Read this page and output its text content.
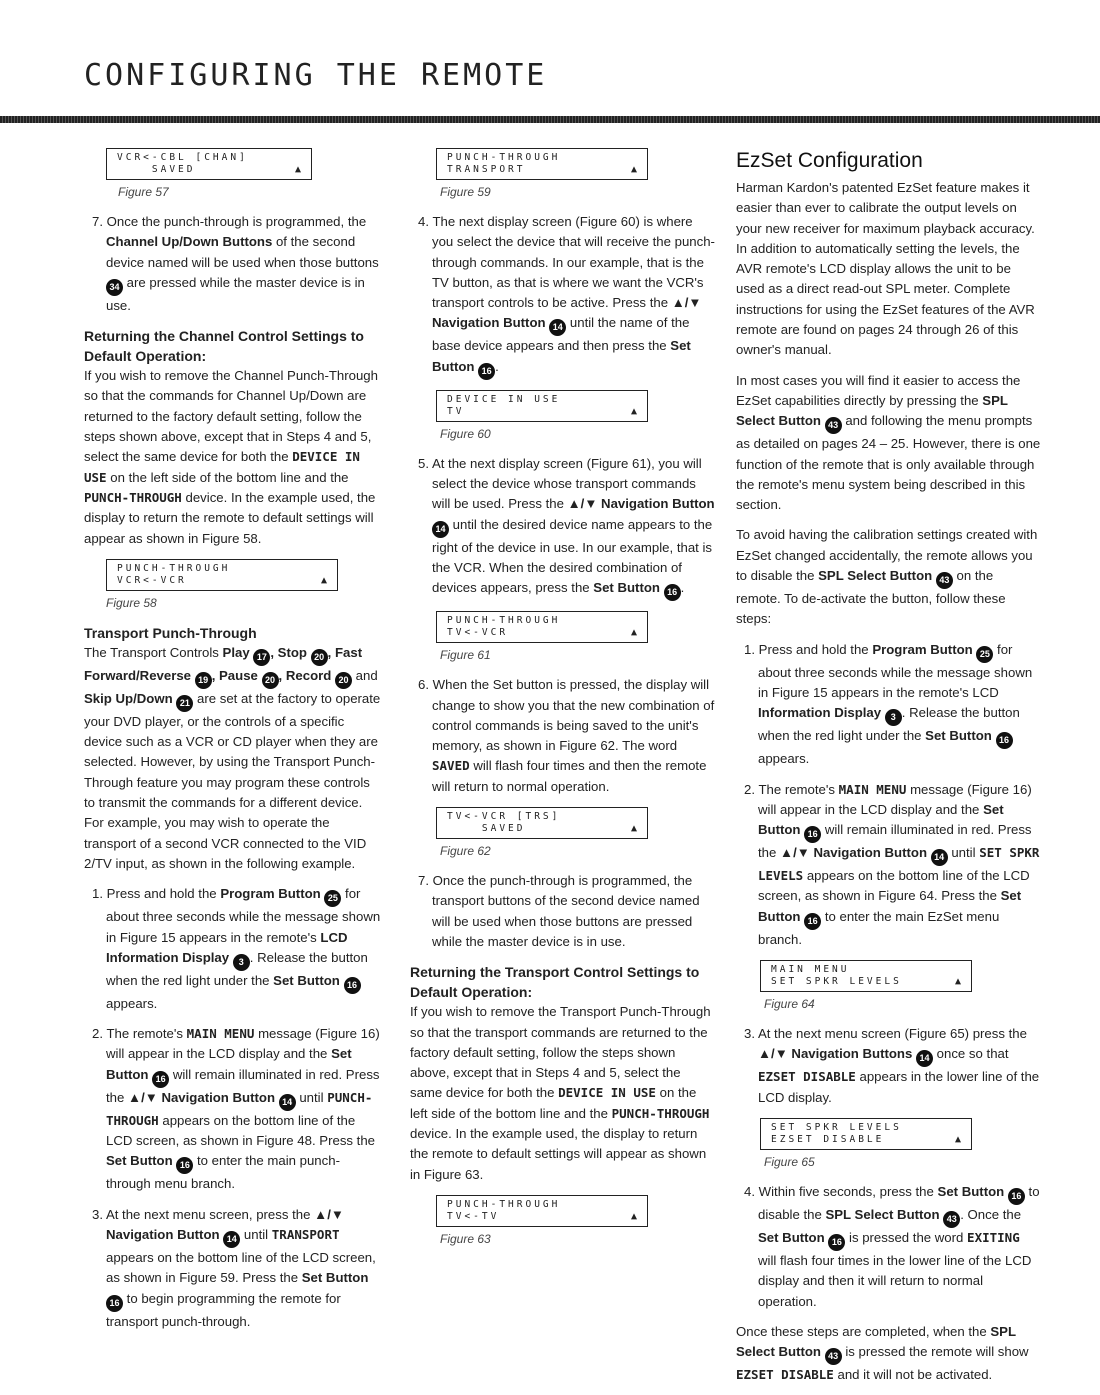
CONFIGURING THE REMOTE
VCR<-CBL [CHAN]
SAVED	▲
Figure 57

7. Once the punch-through is programmed, the Channel Up/Down Buttons of the second device named will be used when those buttons 34 are pressed while the master device is in use.

Returning the Channel Control Settings to Default Operation:

If you wish to remove the Channel Punch-Through so that the commands for Channel Up/Down are returned to the factory default setting, follow the steps shown above, except that in Steps 4 and 5, select the same device for both the DEVICE IN USE on the left side of the bottom line and the PUNCH-THROUGH device. In the example used, the display to return the remote to default settings will appear as shown in Figure 58.

PUNCH-THROUGH
VCR<-VCR	▲
Figure 58
Transport Punch-Through

The Transport Controls Play 17 , Stop 20 , Fast Forward/Reverse 19 , Pause 20 , Record 20 and Skip Up/Down 21 are set at the factory to operate your DVD player, or the controls of a specific device such as a VCR or CD player when they are selected. However, by using the Transport Punch-Through feature you may program these controls to transmit the commands for a different device. For example, you may wish to operate the transport of a second VCR connected to the VID 2/TV input, as shown in the following example.

1. Press and hold the Program Button 25 for about three seconds while the message shown in Figure 15 appears in the remote's LCD Information Display 3 . Release the button when the red light under the Set Button 16 appears.

2. The remote's MAIN MENU message (Figure 16) will appear in the LCD display and the Set Button 16 will remain illuminated in red. Press the ▲/▼ Navigation Button 14 until PUNCH-THROUGH appears on the bottom line of the LCD screen, as shown in Figure 48. Press the Set Button 16 to enter the main punch-through menu branch.

3. At the next menu screen, press the ▲/▼ Navigation Button 14 until TRANSPORT appears on the bottom line of the LCD screen, as shown in Figure 59. Press the Set Button 16 to begin programming the remote for transport punch-through.

PUNCH-THROUGH
TRANSPORT	▲
Figure 59

4. The next display screen (Figure 60) is where you select the device that will receive the punch-through commands. In our example, that is the TV button, as that is where we want the VCR's transport controls to be active. Press the ▲/▼ Navigation Button 14 until the name of the base device appears and then press the Set Button 16 .

DEVICE IN USE
TV	▲
Figure 60

5. At the next display screen (Figure 61), you will select the device whose transport commands will be used. Press the ▲/▼ Navigation Button 14 until the desired device name appears to the right of the device in use. In our example, that is the VCR. When the desired combination of devices appears, press the Set Button 16 .

PUNCH-THROUGH
TV<-VCR	▲
Figure 61

6. When the Set button is pressed, the display will change to show you that the new combination of control commands is being saved to the unit's memory, as shown in Figure 62. The word SAVED will flash four times and then the remote will return to normal operation.

TV<-VCR [TRS]
SAVED	▲
Figure 62

7. Once the punch-through is programmed, the transport buttons of the second device named will be used when those buttons are pressed while the master device is in use.

Returning the Transport Control Settings to Default Operation:

If you wish to remove the Transport Punch-Through so that the transport commands are returned to the factory default setting, follow the steps shown above, except that in Steps 4 and 5, select the same device for both the DEVICE IN USE on the left side of the bottom line and the PUNCH-THROUGH device. In the example used, the display to return the remote to default settings will appear as shown in Figure 63.

PUNCH-THROUGH
TV<-TV	▲
Figure 63
EzSet Configuration

Harman Kardon's patented EzSet feature makes it easier than ever to calibrate the output levels on your new receiver for maximum playback accuracy. In addition to automatically setting the levels, the AVR remote's LCD display allows the unit to be used as a direct read-out SPL meter. Complete instructions for using the EzSet features of the AVR remote are found on pages 24 through 26 of this owner's manual.

In most cases you will find it easier to access the EzSet capabilities directly by pressing the SPL Select Button 43 and following the menu prompts as detailed on pages 24 – 25. However, there is one function of the remote that is only available through the remote's menu system being described in this section.

To avoid having the calibration settings created with EzSet changed accidentally, the remote allows you to disable the SPL Select Button 43 on the remote. To de-activate the button, follow these steps:

1. Press and hold the Program Button 25 for about three seconds while the message shown in Figure 15 appears in the remote's LCD Information Display 3 . Release the button when the red light under the Set Button 16 appears.

2. The remote's MAIN MENU message (Figure 16) will appear in the LCD display and the Set Button 16 will remain illuminated in red. Press the ▲/▼ Navigation Button 14 until SET SPKR LEVELS appears on the bottom line of the LCD screen, as shown in Figure 64. Press the Set Button 16 to enter the main EzSet menu branch.

MAIN MENU
SET SPKR LEVELS	▲
Figure 64

3. At the next menu screen (Figure 65) press the ▲/▼ Navigation Buttons 14 once so that EZSET DISABLE appears in the lower line of the LCD display.

SET SPKR LEVELS
EZSET DISABLE	▲
Figure 65

4. Within five seconds, press the Set Button 16 to disable the SPL Select Button 43 . Once the Set Button 16 is pressed the word EXITING will flash four times in the lower line of the LCD display and then it will return to normal operation.

Once these steps are completed, when the SPL Select Button 43 is pressed the remote will show EZSET DISABLE and it will not be activated.
